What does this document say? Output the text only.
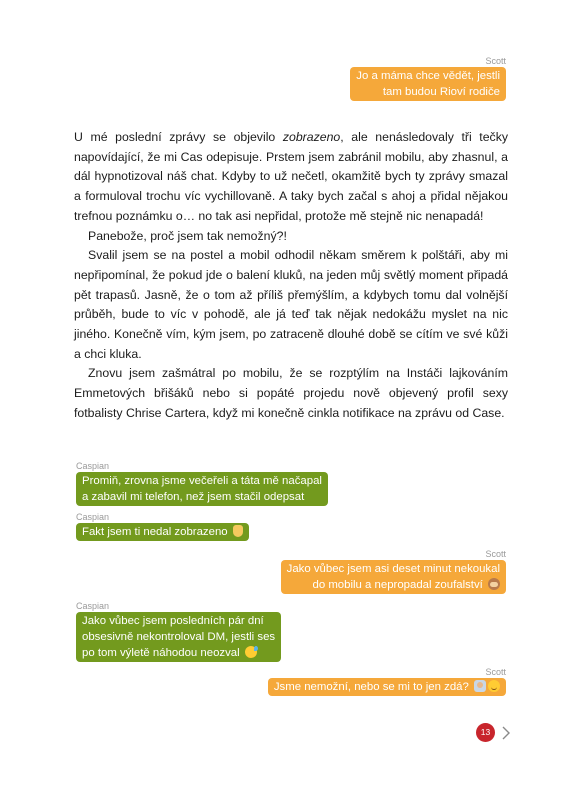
Scott
Jo a máma chce vědět, jestli
tam budou Rioví rodiče

U mé poslední zprávy se objevilo zobrazeno, ale nenásledovaly tři tečky napovídající, že mi Cas odepisuje. Prstem jsem zabránil mobilu, aby zhasnul, a dál hypnotizoval náš chat. Kdyby to už nečetl, okamžitě bych ty zprávy smazal a formuloval trochu víc vychillovaně. A taky bych začal s ahoj a přidal nějakou trefnou poznámku o… no tak asi nepřidal, protože mě stejně nic nenapadá!

Panebože, proč jsem tak nemožný?!

Svalil jsem se na postel a mobil odhodil někam směrem k polštáři, aby mi nepřipomínal, že pokud jde o balení kluků, na jeden můj světlý moment připadá pět trapasů. Jasně, že o tom až příliš přemýšlím, a kdybych tomu dal volnější průběh, bude to víc v pohodě, ale já teď tak nějak nedokážu myslet na nic jiného. Konečně vím, kým jsem, po zatraceně dlouhé době se cítím ve své kůži a chci kluka.

Znovu jsem zašmátral po mobilu, že se rozptýlím na Instáči lajkováním Emmetových břišáků nebo si popáté projedu nově objevený profil sexy fotbalisty Chrise Cartera, když mi konečně cinkla notifikace na zprávu od Case.

Caspian
Promiň, zrovna jsme večeřeli a táta mě načapal
a zabavil mi telefon, než jsem stačil odepsat
Caspian
Fakt jsem ti nedal zobrazeno
Scott
Jako vůbec jsem asi deset minut nekoukal
do mobilu a nepropadal zoufalství
Caspian
Jako vůbec jsem posledních pár dní
obsesivně nekontroloval DM, jestli ses
po tom výletě náhodou neozval
Scott
Jsme nemožní, nebo se mi to jen zdá?
13
